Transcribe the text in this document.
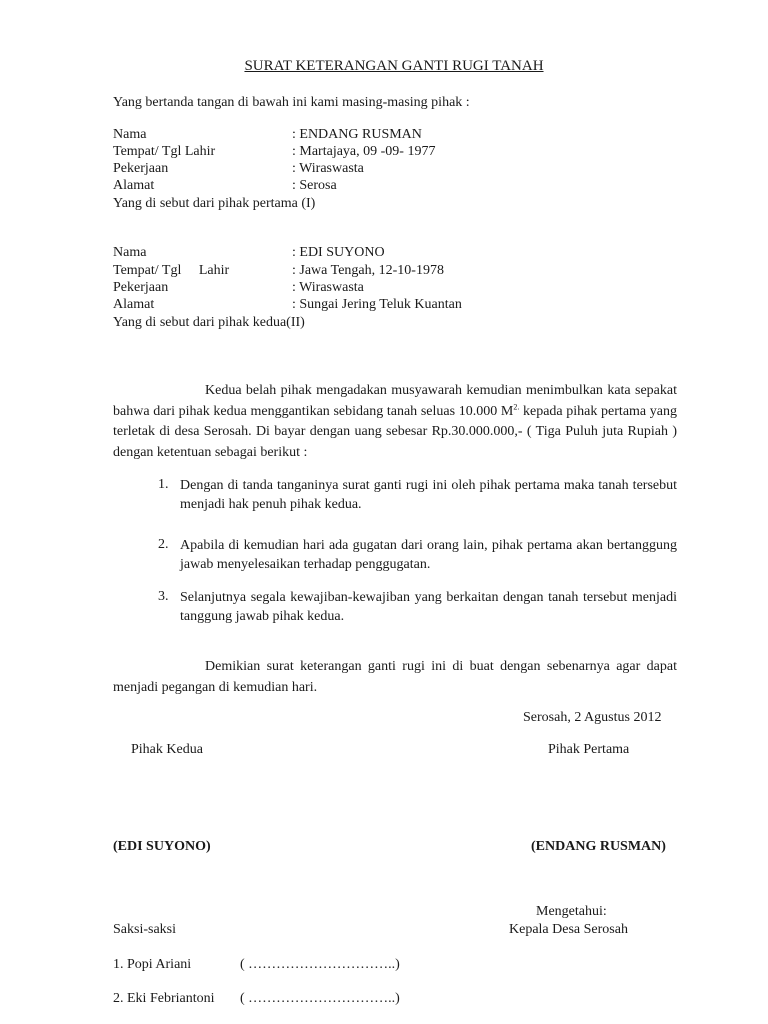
SURAT KETERANGAN GANTI RUGI TANAH
Yang bertanda tangan di bawah ini kami masing-masing pihak :
Nama	: ENDANG RUSMAN
Tempat/ Tgl Lahir	: Martajaya, 09 -09- 1977
Pekerjaan	: Wiraswasta
Alamat	: Serosa
Yang di sebut dari pihak pertama (I)
Nama	: EDI SUYONO
Tempat/ Tgl     Lahir	: Jawa Tengah, 12-10-1978
Pekerjaan	: Wiraswasta
Alamat	: Sungai Jering Teluk Kuantan
Yang di sebut dari pihak kedua(II)
Kedua belah pihak mengadakan musyawarah kemudian menimbulkan kata sepakat bahwa dari pihak kedua menggantikan sebidang tanah seluas 10.000 $M^{2.}$ kepada pihak pertama yang terletak di desa Serosah. Di bayar dengan uang sebesar Rp.30.000.000,- ( Tiga Puluh juta Rupiah ) dengan ketentuan sebagai berikut :
1. Dengan di tanda tanganinya surat ganti rugi ini oleh pihak pertama maka tanah tersebut menjadi hak penuh pihak kedua.
2. Apabila di kemudian hari ada gugatan dari orang lain, pihak pertama akan bertanggung jawab menyelesaikan terhadap penggugatan.
3. Selanjutnya segala kewajiban-kewajiban yang berkaitan dengan tanah tersebut menjadi tanggung jawab pihak kedua.
Demikian surat keterangan ganti rugi ini di buat dengan sebenarnya agar dapat menjadi pegangan di kemudian hari.
Serosah, 2 Agustus 2012
Pihak Kedua	Pihak Pertama
(EDI SUYONO)	(ENDANG RUSMAN)
Mengetahui:
Saksi-saksi	Kepala Desa Serosah
1. Popi Ariani	( …………………………..)
2. Eki Febriantoni ( …………………………..)
